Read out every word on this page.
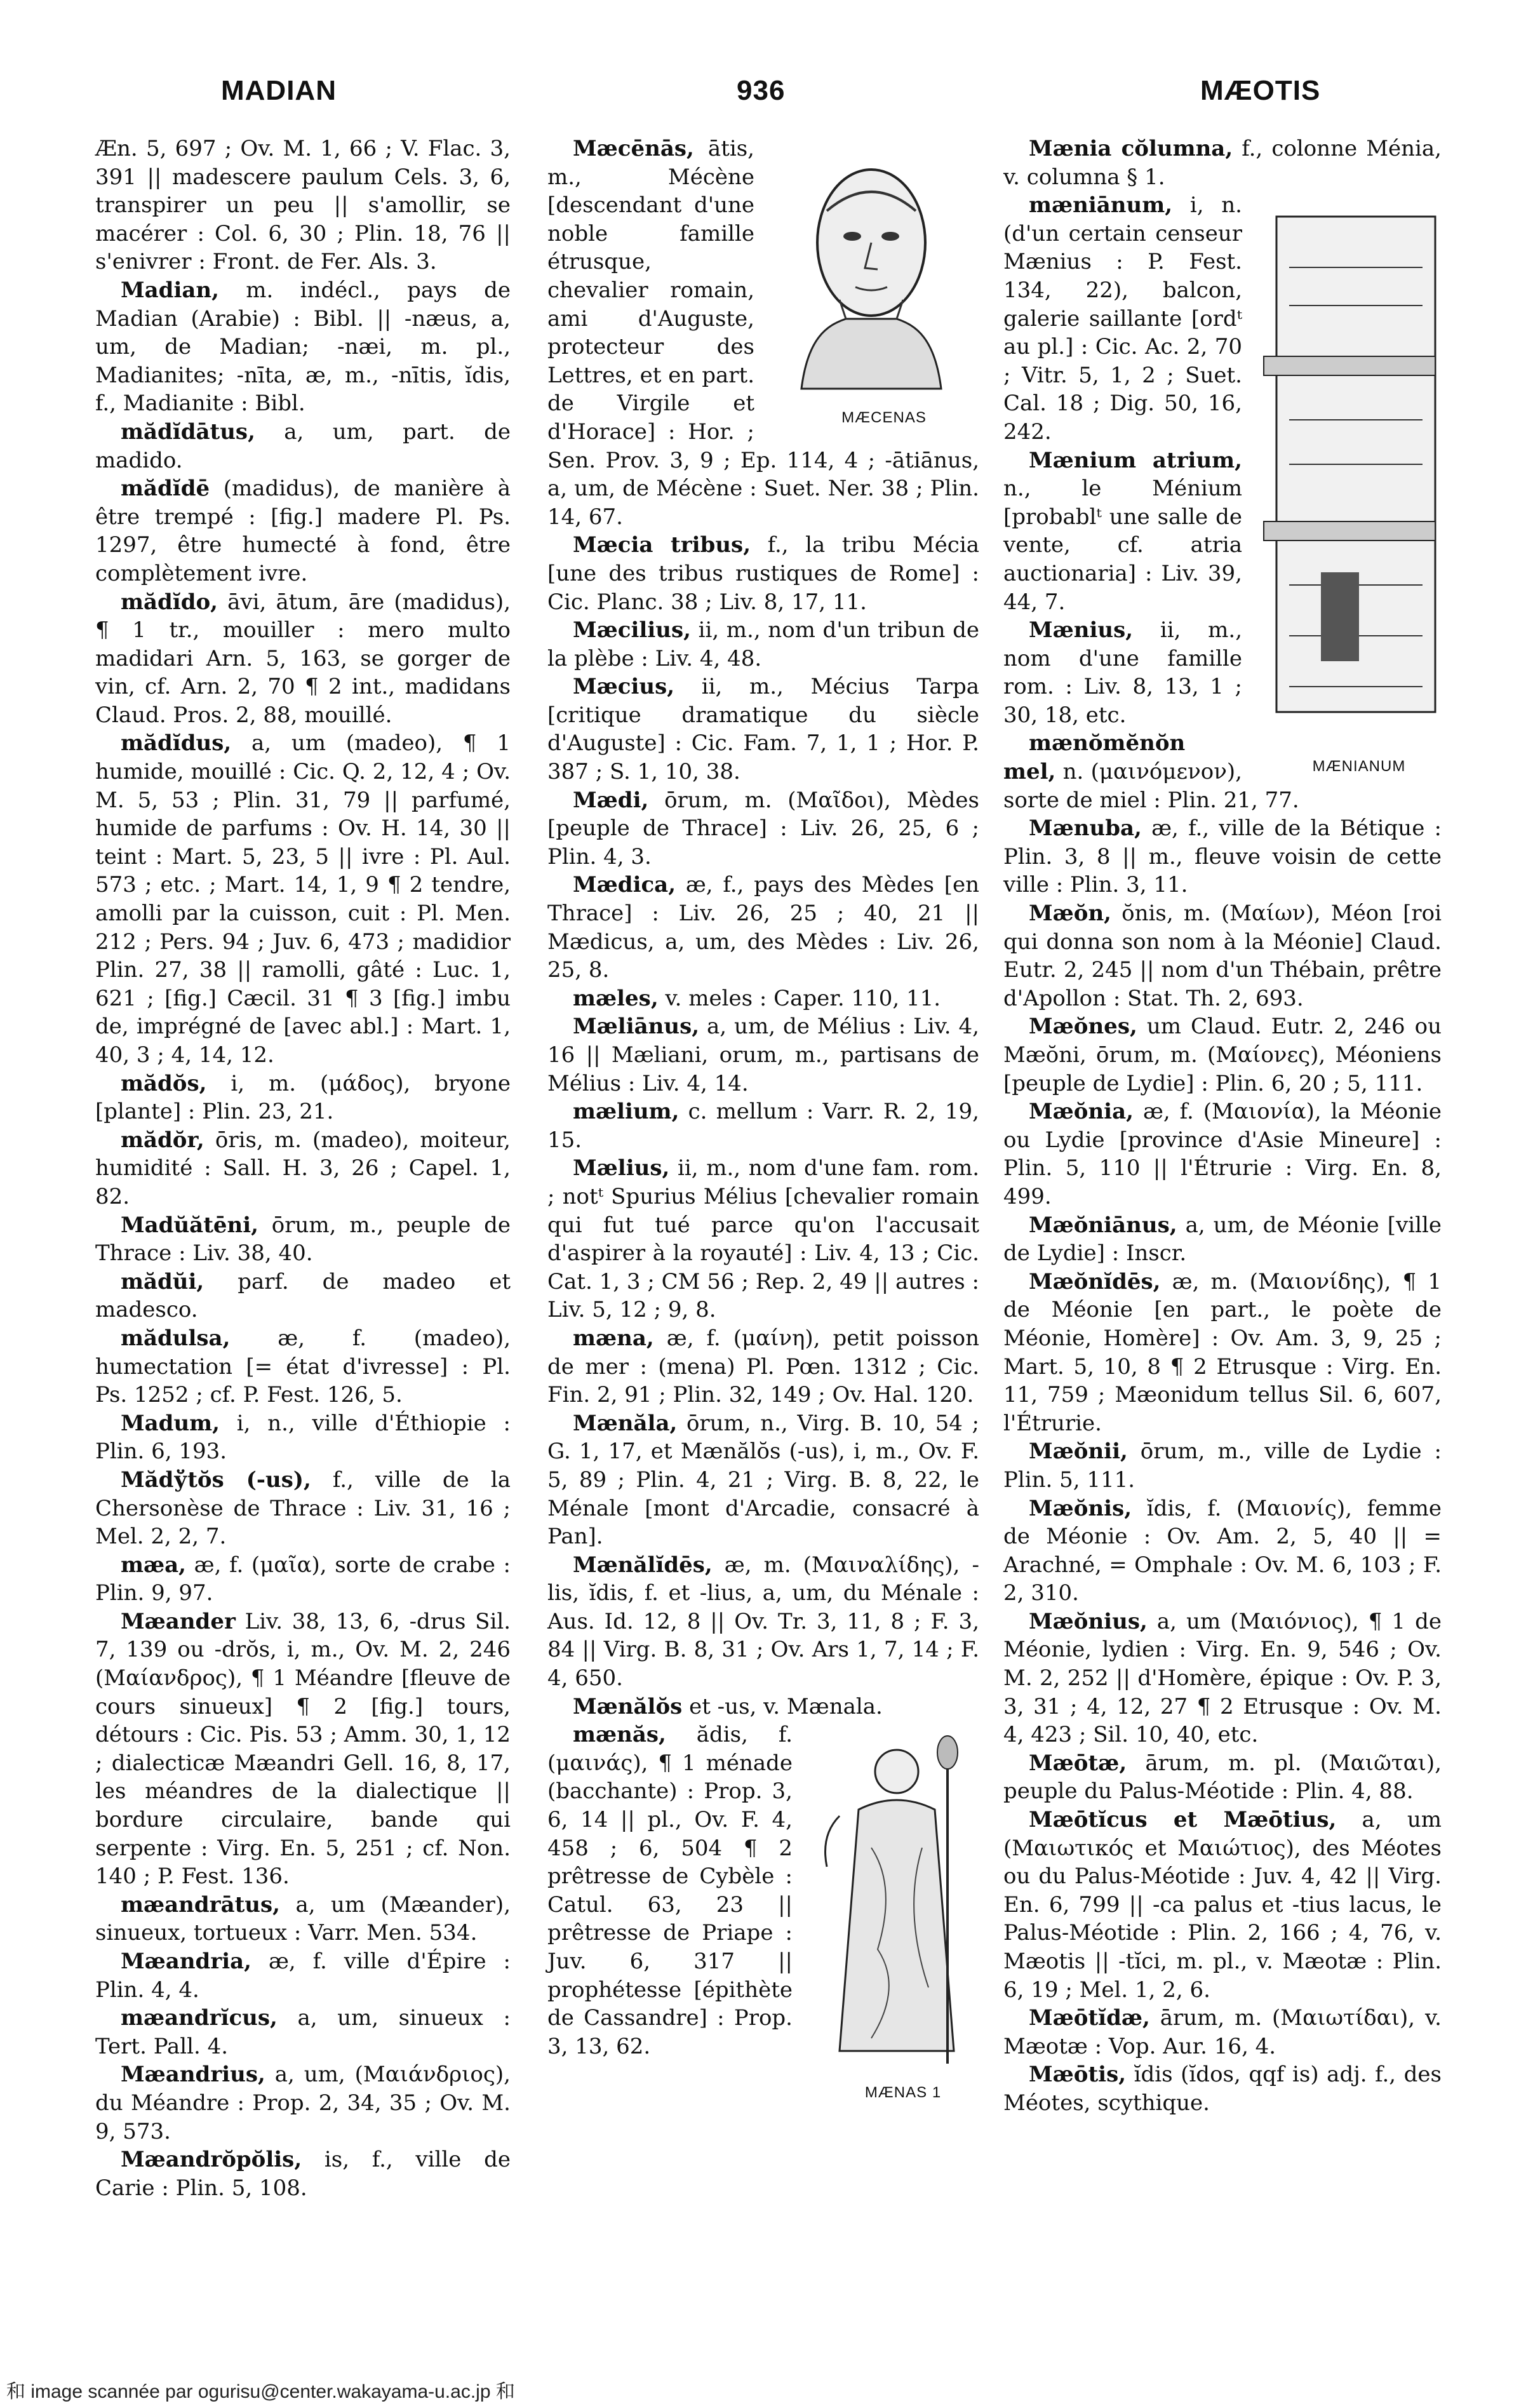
MADIAN	936	MÆOTIS

Æn. 5, 697 ; Ov. M. 1, 66 ; V. Flac. 3, 391 || madescere paulum Cels. 3, 6, transpirer un peu || s'amollir, se macérer : Col. 6, 30 ; Plin. 18, 76 || s'enivrer : Front. de Fer. Als. 3.

Madian, m. indécl., pays de Madian (Arabie) : Bibl. || -næus, a, um, de Madian; -næi, m. pl., Madianites; -nīta, æ, m., -nītis, ĭdis, f., Madianite : Bibl.

mădĭdātus, a, um, part. de madido.

mădĭdē (madidus), de manière à être trempé : [fig.] madere Pl. Ps. 1297, être humecté à fond, être complètement ivre.

mădĭdo, āvi, ātum, āre (madidus), ¶ 1 tr., mouiller : mero multo madidari Arn. 5, 163, se gorger de vin, cf. Arn. 2, 70 ¶ 2 int., madidans Claud. Pros. 2, 88, mouillé.

mădĭdus, a, um (madeo), ¶ 1 humide, mouillé : Cic. Q. 2, 12, 4 ; Ov. M. 5, 53 ; Plin. 31, 79 || parfumé, humide de parfums : Ov. H. 14, 30 || teint : Mart. 5, 23, 5 || ivre : Pl. Aul. 573 ; etc. ; Mart. 14, 1, 9 ¶ 2 tendre, amolli par la cuisson, cuit : Pl. Men. 212 ; Pers. 94 ; Juv. 6, 473 ; madidior Plin. 27, 38 || ramolli, gâté : Luc. 1, 621 ; [fig.] Cæcil. 31 ¶ 3 [fig.] imbu de, imprégné de [avec abl.] : Mart. 1, 40, 3 ; 4, 14, 12.

mădŏs, i, m. (μάδος), bryone [plante] : Plin. 23, 21.

mădŏr, ōris, m. (madeo), moiteur, humidité : Sall. H. 3, 26 ; Capel. 1, 82.

Madŭătēni, ōrum, m., peuple de Thrace : Liv. 38, 40.

mădŭi, parf. de madeo et madesco.

mădulsa, æ, f. (madeo), humectation [= état d'ivresse] : Pl. Ps. 1252 ; cf. P. Fest. 126, 5.

Madum, i, n., ville d'Éthiopie : Plin. 6, 193.

Mădўtŏs (-us), f., ville de la Chersonèse de Thrace : Liv. 31, 16 ; Mel. 2, 2, 7.

mæa, æ, f. (μαῖα), sorte de crabe : Plin. 9, 97.

Mæander Liv. 38, 13, 6, -drus Sil. 7, 139 ou -drŏs, i, m., Ov. M. 2, 246 (Μαίανδρος), ¶ 1 Méandre [fleuve de cours sinueux] ¶ 2 [fig.] tours, détours : Cic. Pis. 53 ; Amm. 30, 1, 12 ; dialecticæ Mæandri Gell. 16, 8, 17, les méandres de la dialectique || bordure circulaire, bande qui serpente : Virg. En. 5, 251 ; cf. Non. 140 ; P. Fest. 136.

mæandrātus, a, um (Mæander), sinueux, tortueux : Varr. Men. 534.

Mæandria, æ, f. ville d'Épire : Plin. 4, 4.

mæandrĭcus, a, um, sinueux : Tert. Pall. 4.

Mæandrius, a, um, (Μαιάνδριος), du Méandre : Prop. 2, 34, 35 ; Ov. M. 9, 573.

Mæandrŏpŏlis, is, f., ville de Carie : Plin. 5, 108.

MÆCENAS
Mæcēnās, ātis, m., Mécène [descendant d'une noble famille étrusque, chevalier romain, ami d'Auguste, protecteur des Lettres, et en part. de Virgile et d'Horace] : Hor. ; Sen. Prov. 3, 9 ; Ep. 114, 4 ; -ātiānus, a, um, de Mécène : Suet. Ner. 38 ; Plin. 14, 67.

Mæcia tribus, f., la tribu Mécia [une des tribus rustiques de Rome] : Cic. Planc. 38 ; Liv. 8, 17, 11.

Mæcilius, ii, m., nom d'un tribun de la plèbe : Liv. 4, 48.

Mæcius, ii, m., Mécius Tarpa [critique dramatique du siècle d'Auguste] : Cic. Fam. 7, 1, 1 ; Hor. P. 387 ; S. 1, 10, 38.

Mædi, ōrum, m. (Μαῖδοι), Mèdes [peuple de Thrace] : Liv. 26, 25, 6 ; Plin. 4, 3.

Mædica, æ, f., pays des Mèdes [en Thrace] : Liv. 26, 25 ; 40, 21 || Mædicus, a, um, des Mèdes : Liv. 26, 25, 8.

mæles, v. meles : Caper. 110, 11.

Mæliānus, a, um, de Mélius : Liv. 4, 16 || Mæliani, orum, m., partisans de Mélius : Liv. 4, 14.

mælium, c. mellum : Varr. R. 2, 19, 15.

Mælius, ii, m., nom d'une fam. rom. ; notᵗ Spurius Mélius [chevalier romain qui fut tué parce qu'on l'accusait d'aspirer à la royauté] : Liv. 4, 13 ; Cic. Cat. 1, 3 ; CM 56 ; Rep. 2, 49 || autres : Liv. 5, 12 ; 9, 8.

mæna, æ, f. (μαίνη), petit poisson de mer : (mena) Pl. Pœn. 1312 ; Cic. Fin. 2, 91 ; Plin. 32, 149 ; Ov. Hal. 120.

Mænăla, ōrum, n., Virg. B. 10, 54 ; G. 1, 17, et Mænălŏs (-us), i, m., Ov. F. 5, 89 ; Plin. 4, 21 ; Virg. B. 8, 22, le Ménale [mont d'Arcadie, consacré à Pan].

Mænălĭdēs, æ, m. (Μαιναλίδης), -lis, ĭdis, f. et -lius, a, um, du Ménale : Aus. Id. 12, 8 || Ov. Tr. 3, 11, 8 ; F. 3, 84 || Virg. B. 8, 31 ; Ov. Ars 1, 7, 14 ; F. 4, 650.

Mænălŏs et -us, v. Mænala.

MÆNAS 1
mænăs, ădis, f. (μαινάς), ¶ 1 ménade (bacchante) : Prop. 3, 6, 14 || pl., Ov. F. 4, 458 ; 6, 504 ¶ 2 prêtresse de Cybèle : Catul. 63, 23 || prêtresse de Priape : Juv. 6, 317 || prophétesse [épithète de Cassandre] : Prop. 3, 13, 62.

Mænia cŏlumna, f., colonne Ménia, v. columna § 1.

MÆNIANUM
mæniānum, i, n. (d'un certain censeur Mænius : P. Fest. 134, 22), balcon, galerie saillante [ordᵗ au pl.] : Cic. Ac. 2, 70 ; Vitr. 5, 1, 2 ; Suet. Cal. 18 ; Dig. 50, 16, 242.

Mænium atrium, n., le Ménium [probablᵗ une salle de vente, cf. atria auctionaria] : Liv. 39, 44, 7.

Mænius, ii, m., nom d'une famille rom. : Liv. 8, 13, 1 ; 30, 18, etc.

mænŏmĕnŏn mel, n. (μαινόμενον), sorte de miel : Plin. 21, 77.

Mænuba, æ, f., ville de la Bétique : Plin. 3, 8 || m., fleuve voisin de cette ville : Plin. 3, 11.

Mæŏn, ŏnis, m. (Μαίων), Méon [roi qui donna son nom à la Méonie] Claud. Eutr. 2, 245 || nom d'un Thébain, prêtre d'Apollon : Stat. Th. 2, 693.

Mæŏnes, um Claud. Eutr. 2, 246 ou Mæŏni, ōrum, m. (Μαίονες), Méoniens [peuple de Lydie] : Plin. 6, 20 ; 5, 111.

Mæŏnia, æ, f. (Μαιονία), la Méonie ou Lydie [province d'Asie Mineure] : Plin. 5, 110 || l'Étrurie : Virg. En. 8, 499.

Mæŏniānus, a, um, de Méonie [ville de Lydie] : Inscr.

Mæŏnĭdēs, æ, m. (Μαιονίδης), ¶ 1 de Méonie [en part., le poète de Méonie, Homère] : Ov. Am. 3, 9, 25 ; Mart. 5, 10, 8 ¶ 2 Etrusque : Virg. En. 11, 759 ; Mæonidum tellus Sil. 6, 607, l'Étrurie.

Mæŏnii, ōrum, m., ville de Lydie : Plin. 5, 111.

Mæŏnis, ĭdis, f. (Μαιονίς), femme de Méonie : Ov. Am. 2, 5, 40 || = Arachné, = Omphale : Ov. M. 6, 103 ; F. 2, 310.

Mæŏnius, a, um (Μαιόνιος), ¶ 1 de Méonie, lydien : Virg. En. 9, 546 ; Ov. M. 2, 252 || d'Homère, épique : Ov. P. 3, 3, 31 ; 4, 12, 27 ¶ 2 Etrusque : Ov. M. 4, 423 ; Sil. 10, 40, etc.

Mæōtæ, ārum, m. pl. (Μαιῶται), peuple du Palus-Méotide : Plin. 4, 88.

Mæōtĭcus et Mæōtius, a, um (Μαιωτικός et Μαιώτιος), des Méotes ou du Palus-Méotide : Juv. 4, 42 || Virg. En. 6, 799 || -ca palus et -tius lacus, le Palus-Méotide : Plin. 2, 166 ; 4, 76, v. Mæotis || -tĭci, m. pl., v. Mæotæ : Plin. 6, 19 ; Mel. 1, 2, 6.

Mæōtĭdæ, ārum, m. (Μαιωτίδαι), v. Mæotæ : Vop. Aur. 16, 4.

Mæōtis, ĭdis (ĭdos, qqf is) adj. f., des Méotes, scythique.

和 image scannée par ogurisu@center.wakayama-u.ac.jp 和
